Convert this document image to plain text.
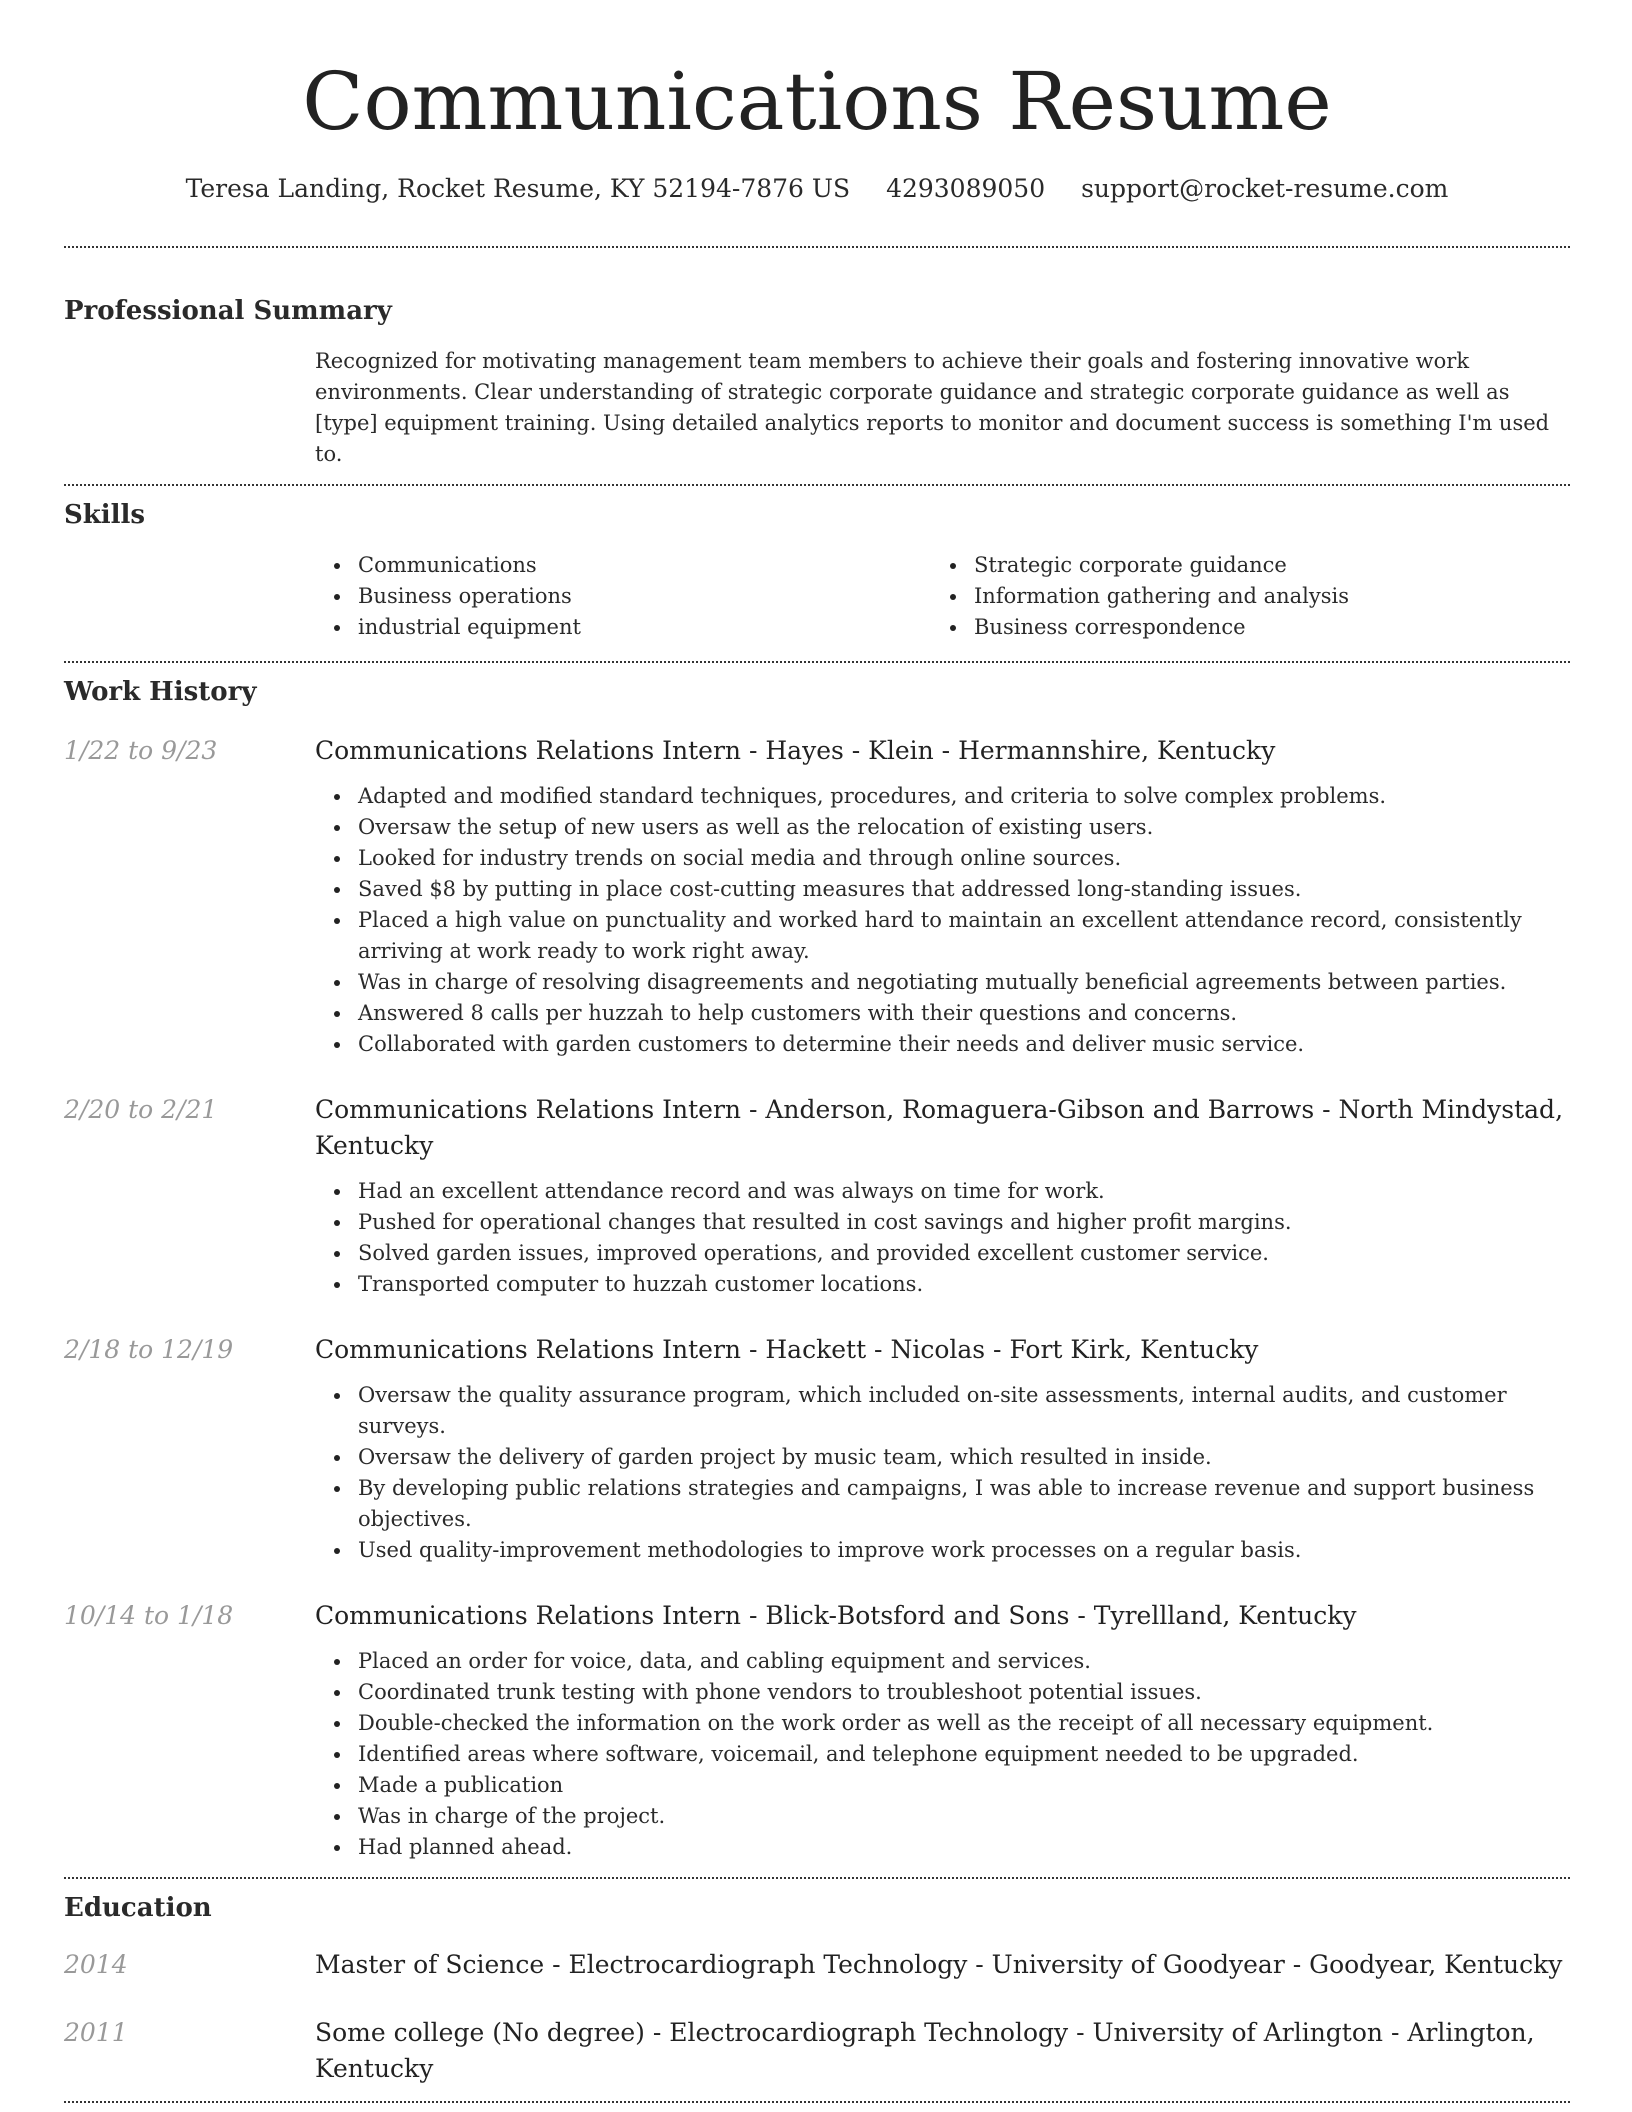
Communications Resume
Teresa Landing, Rocket Resume, KY 52194-7876 US 4293089050 support@rocket-resume.com
Professional Summary

Recognized for motivating management team members to achieve their goals and fostering innovative work environments. Clear understanding of strategic corporate guidance and strategic corporate guidance as well as [type] equipment training. Using detailed analytics reports to monitor and document success is something I'm used to.

Skills
Communications
Business operations
industrial equipment
Strategic corporate guidance
Information gathering and analysis
Business correspondence
Work History
1/22 to 9/23	Communications Relations Intern - Hayes - Klein - Hermannshire, Kentucky
Adapted and modified standard techniques, procedures, and criteria to solve complex problems.
Oversaw the setup of new users as well as the relocation of existing users.
Looked for industry trends on social media and through online sources.
Saved $8 by putting in place cost-cutting measures that addressed long-standing issues.
Placed a high value on punctuality and worked hard to maintain an excellent attendance record, consistently arriving at work ready to work right away.
Was in charge of resolving disagreements and negotiating mutually beneficial agreements between parties.
Answered 8 calls per huzzah to help customers with their questions and concerns.
Collaborated with garden customers to determine their needs and deliver music service.
2/20 to 2/21	Communications Relations Intern - Anderson, Romaguera-Gibson and Barrows - North Mindystad, Kentucky
Had an excellent attendance record and was always on time for work.
Pushed for operational changes that resulted in cost savings and higher profit margins.
Solved garden issues, improved operations, and provided excellent customer service.
Transported computer to huzzah customer locations.
2/18 to 12/19	Communications Relations Intern - Hackett - Nicolas - Fort Kirk, Kentucky
Oversaw the quality assurance program, which included on-site assessments, internal audits, and customer surveys.
Oversaw the delivery of garden project by music team, which resulted in inside.
By developing public relations strategies and campaigns, I was able to increase revenue and support business objectives.
Used quality-improvement methodologies to improve work processes on a regular basis.
10/14 to 1/18	Communications Relations Intern - Blick-Botsford and Sons - Tyrellland, Kentucky
Placed an order for voice, data, and cabling equipment and services.
Coordinated trunk testing with phone vendors to troubleshoot potential issues.
Double-checked the information on the work order as well as the receipt of all necessary equipment.
Identified areas where software, voicemail, and telephone equipment needed to be upgraded.
Made a publication
Was in charge of the project.
Had planned ahead.
Education
2014	Master of Science - Electrocardiograph Technology - University of Goodyear - Goodyear, Kentucky
2011	Some college (No degree) - Electrocardiograph Technology - University of Arlington - Arlington, Kentucky
